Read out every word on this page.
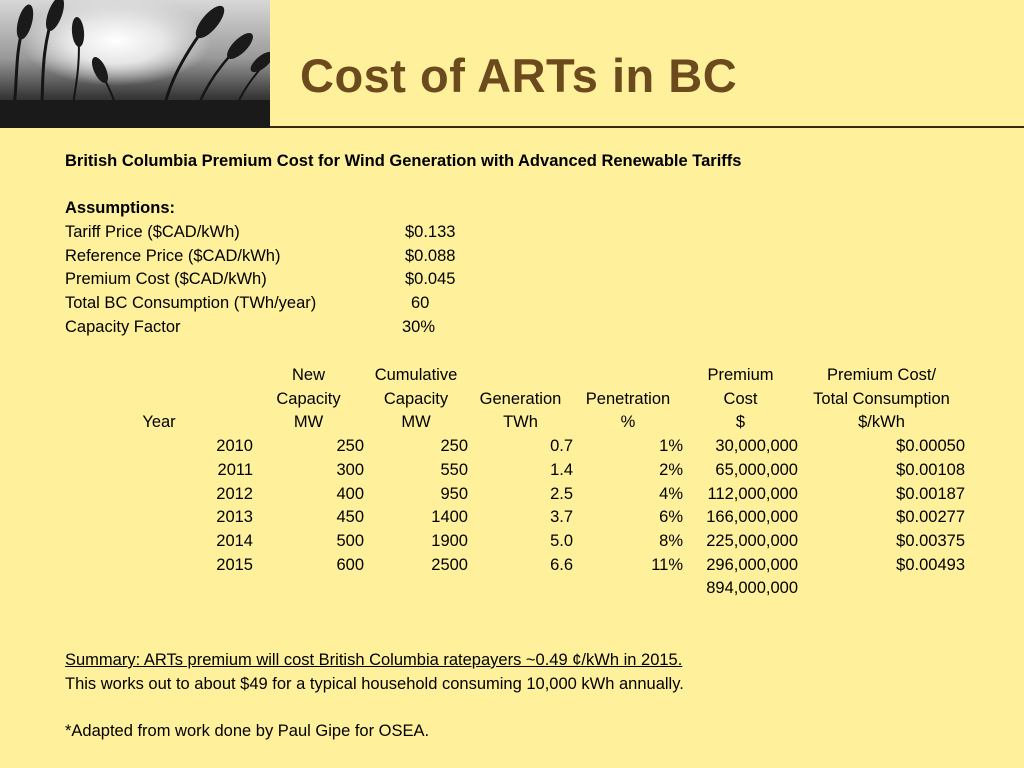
Cost of ARTs in BC

British Columbia Premium Cost for Wind Generation with Advanced Renewable Tariffs

Assumptions:
Tariff Price ($CAD/kWh)	$0.133
Reference Price ($CAD/kWh)	$0.088
Premium Cost ($CAD/kWh)	$0.045
Total BC Consumption (TWh/year)	60
Capacity Factor	30%
	New	Cumulative			Premium	Premium Cost/
	Capacity	Capacity	Generation	Penetration	Cost	Total Consumption
Year	MW	MW	TWh	%	$	$/kWh
2010	250	250	0.7	1%	30,000,000	$0.00050
2011	300	550	1.4	2%	65,000,000	$0.00108
2012	400	950	2.5	4%	112,000,000	$0.00187
2013	450	1400	3.7	6%	166,000,000	$0.00277
2014	500	1900	5.0	8%	225,000,000	$0.00375
2015	600	2500	6.6	11%	296,000,000	$0.00493
					894,000,000	
Summary: ARTs premium will cost British Columbia ratepayers ~0.49 ¢/kWh in 2015.
This works out to about $49 for a typical household consuming 10,000 kWh annually.
*Adapted from work done by Paul Gipe for OSEA.
